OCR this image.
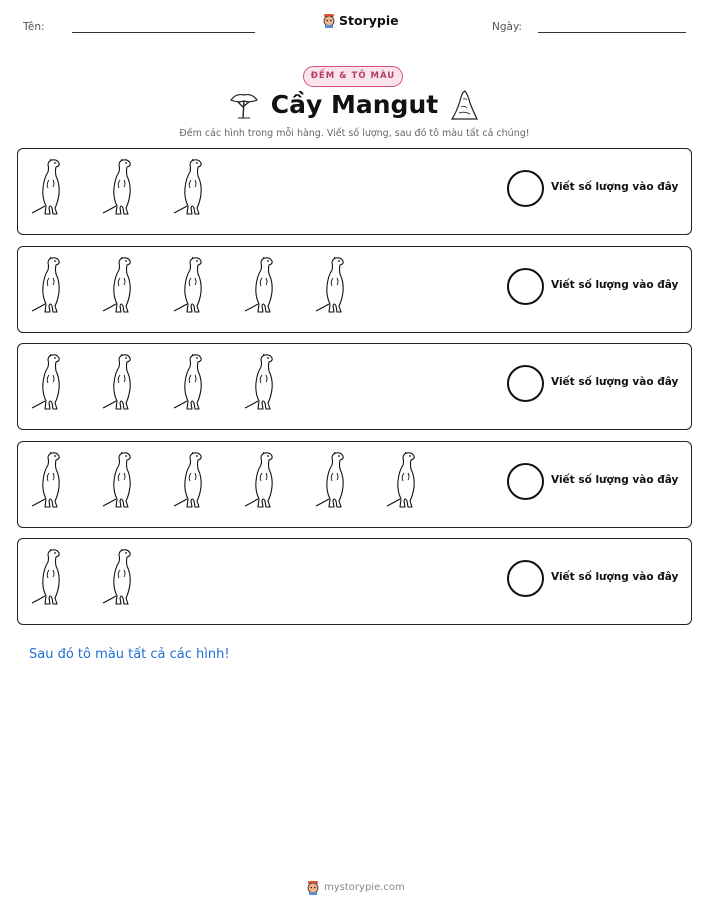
Tên:	Storypie	Ngày:
ĐẾM & TÔ MÀU
Cầy Mangut
Đếm các hình trong mỗi hàng. Viết số lượng, sau đó tô màu tất cả chúng!
Viết số lượng vào đây
Viết số lượng vào đây
Viết số lượng vào đây
Viết số lượng vào đây
Viết số lượng vào đây
Sau đó tô màu tất cả các hình!
mystorypie.com
